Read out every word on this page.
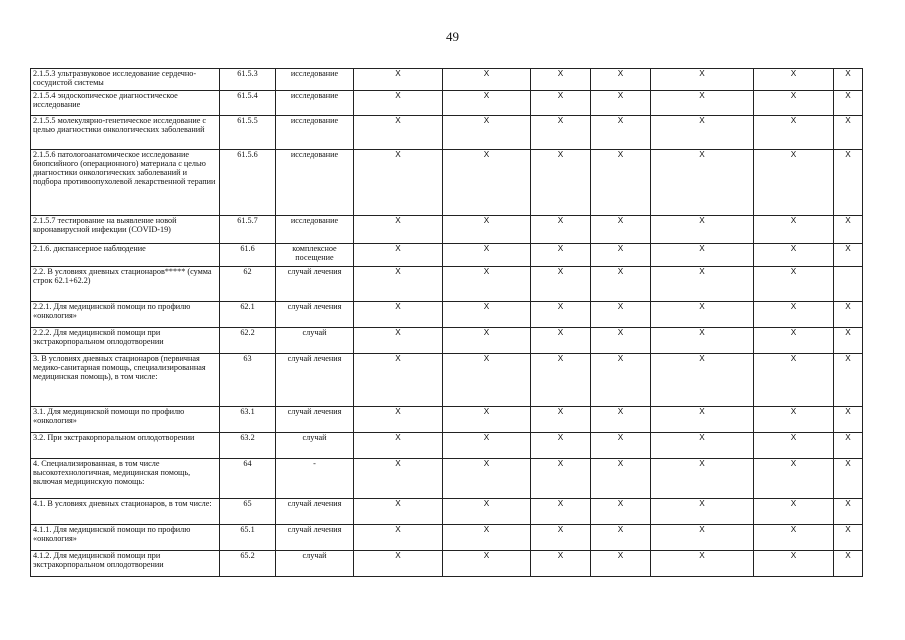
49
2.1.5.3 ультразвуковое исследование сердечно-сосудистой системы	61.5.3	исследование	X	X	X	X	X	X	X
2.1.5.4 эндоскопическое диагностическое исследование	61.5.4	исследование	X	X	X	X	X	X	X
2.1.5.5 молекулярно-генетическое исследование с целью диагностики онкологических заболеваний	61.5.5	исследование	X	X	X	X	X	X	X
2.1.5.6 патологоанатомическое исследование биопсийного (операционного) материала с целью диагностики онкологических заболеваний и подбора противоопухолевой лекарственной терапии	61.5.6	исследование	X	X	X	X	X	X	X
2.1.5.7 тестирование на выявление новой коронавирусной инфекции (COVID-19)	61.5.7	исследование	X	X	X	X	X	X	X
2.1.6. диспансерное наблюдение	61.6	комплексное посещение	X	X	X	X	X	X	X
2.2. В условиях дневных стационаров***** (сумма строк 62.1+62.2)	62	случай лечения	X	X	X	X	X	X	
2.2.1. Для медицинской помощи по профилю «онкология»	62.1	случай лечения	X	X	X	X	X	X	X
2.2.2. Для медицинской помощи при экстракорпоральном оплодотворении	62.2	случай	X	X	X	X	X	X	X
3. В условиях дневных стационаров (первичная медико-санитарная помощь, специализированная медицинская помощь), в том числе:	63	случай лечения	X	X	X	X	X	X	X
3.1. Для медицинской помощи по профилю «онкология»	63.1	случай лечения	X	X	X	X	X	X	X
3.2. При экстракорпоральном оплодотворении	63.2	случай	X	X	X	X	X	X	X
4. Специализированная, в том числе высокотехнологичная, медицинская помощь, включая медицинскую помощь:	64	-	X	X	X	X	X	X	X
4.1. В условиях дневных стационаров, в том числе:	65	случай лечения	X	X	X	X	X	X	X
4.1.1. Для медицинской помощи по профилю «онкология»	65.1	случай лечения	X	X	X	X	X	X	X
4.1.2. Для медицинской помощи при экстракорпоральном оплодотворении	65.2	случай	X	X	X	X	X	X	X
